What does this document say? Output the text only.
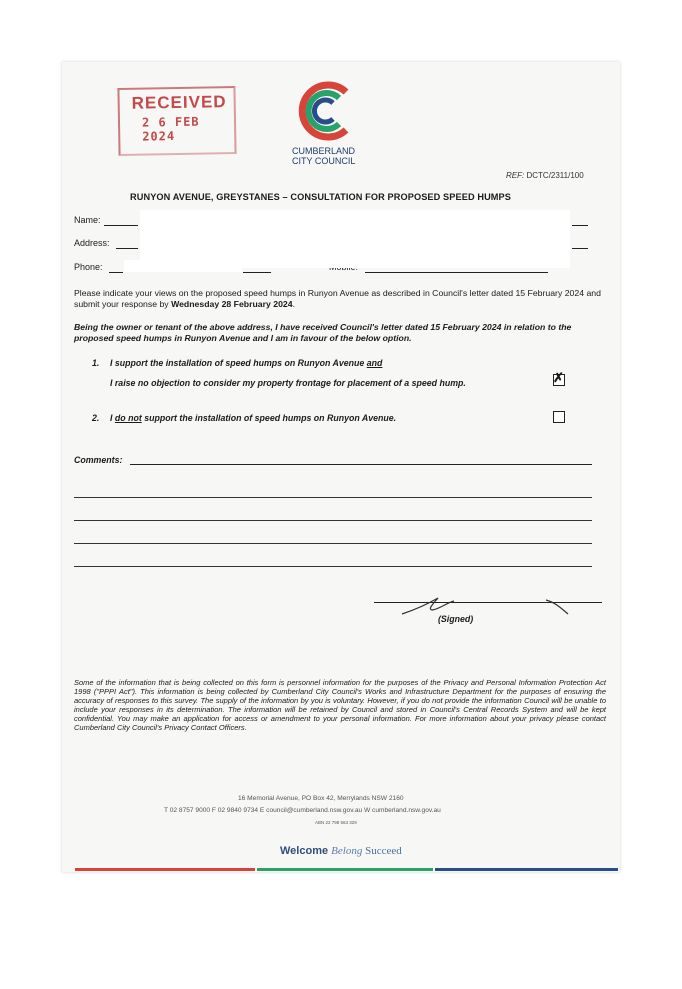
RECEIVED
2 6 FEB 2024
CUMBERLAND
CITY COUNCIL
REF: DCTC/2311/100
RUNYON AVENUE, GREYSTANES – CONSULTATION FOR PROPOSED SPEED HUMPS
Name:
Address:
Phone:
Please indicate your views on the proposed speed humps in Runyon Avenue as described in Council's letter dated 15 February 2024 and submit your response by Wednesday 28 February 2024.
Being the owner or tenant of the above address, I have received Council's letter dated 15 February 2024 in relation to the proposed speed humps in Runyon Avenue and I am in favour of the below option.
1. I support the installation of speed humps on Runyon Avenue and
I raise no objection to consider my property frontage for placement of a speed hump.	✗
2. I do not support the installation of speed humps on Runyon Avenue.
Comments:
(Signed)
Some of the information that is being collected on this form is personnel information for the purposes of the Privacy and Personal Information Protection Act 1998 ("PPPI Act"). This information is being collected by Cumberland City Council's Works and Infrastructure Department for the purposes of ensuring the accuracy of responses to this survey. The supply of the information by you is voluntary. However, if you do not provide the information Council will be unable to include your responses in its determination. The information will be retained by Council and stored in Council's Central Records System and will be kept confidential. You may make an application for access or amendment to your personal information. For more information about your privacy please contact Cumberland City Council's Privacy Contact Officers.
16 Memorial Avenue, PO Box 42, Merrylands NSW 2160
T 02 8757 9000 F 02 9840 9734 E council@cumberland.nsw.gov.au W cumberland.nsw.gov.au
ABN 22 798 563 329
Welcome Belong Succeed
